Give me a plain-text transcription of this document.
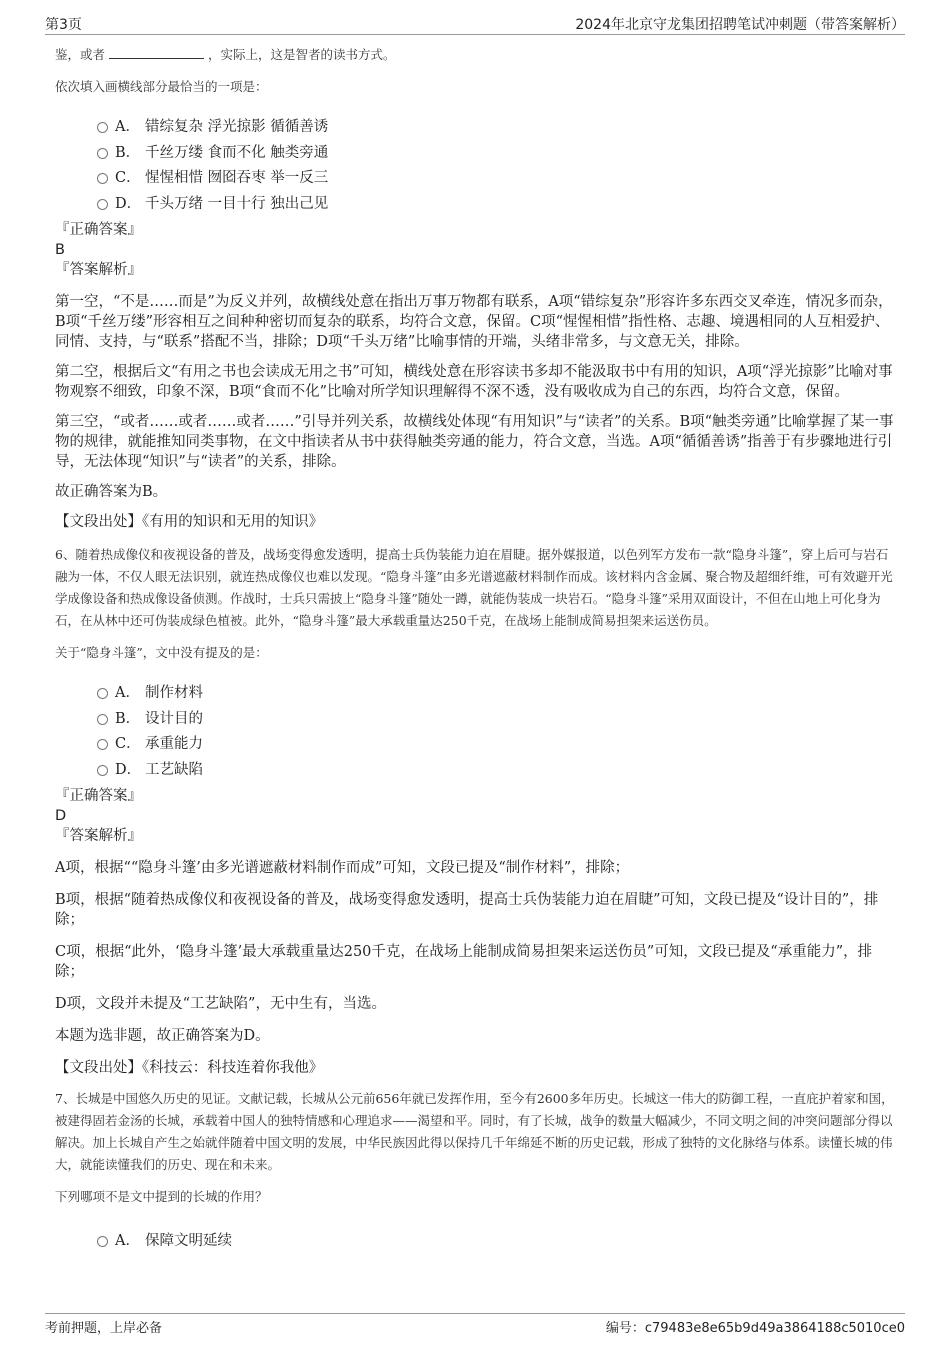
第3页	2024年北京守龙集团招聘笔试冲刺题（带答案解析）

鉴，或者	，实际上，这是智者的读书方式。

依次填入画横线部分最恰当的一项是：

A． 错综复杂 浮光掠影 循循善诱
B． 千丝万缕 食而不化 触类旁通
C． 惺惺相惜 囫囵吞枣 举一反三
D． 千头万绪 一目十行 独出己见

『正确答案』

B

『答案解析』

第一空，“不是……而是”为反义并列，故横线处意在指出万事万物都有联系，A项“错综复杂”形容许多东西交叉牵连，情况多而杂，B项“千丝万缕”形容相互之间种种密切而复杂的联系，均符合文意，保留。C项“惺惺相惜”指性格、志趣、境遇相同的人互相爱护、同情、支持，与“联系”搭配不当，排除；D项“千头万绪”比喻事情的开端，头绪非常多，与文意无关，排除。

第二空，根据后文“有用之书也会读成无用之书”可知，横线处意在形容读书多却不能汲取书中有用的知识，A项“浮光掠影”比喻对事物观察不细致，印象不深，B项“食而不化”比喻对所学知识理解得不深不透，没有吸收成为自己的东西，均符合文意，保留。

第三空，“或者……或者……或者……”引导并列关系，故横线处体现“有用知识”与“读者”的关系。B项“触类旁通”比喻掌握了某一事物的规律，就能推知同类事物，在文中指读者从书中获得触类旁通的能力，符合文意，当选。A项“循循善诱”指善于有步骤地进行引导，无法体现“知识”与“读者”的关系，排除。

故正确答案为B。

【文段出处】《有用的知识和无用的知识》

6、随着热成像仪和夜视设备的普及，战场变得愈发透明，提高士兵伪装能力迫在眉睫。据外媒报道，以色列军方发布一款“隐身斗篷”，穿上后可与岩石融为一体，不仅人眼无法识别，就连热成像仪也难以发现。“隐身斗篷”由多光谱遮蔽材料制作而成。该材料内含金属、聚合物及超细纤维，可有效避开光学成像设备和热成像设备侦测。作战时，士兵只需披上“隐身斗篷”随处一蹲，就能伪装成一块岩石。“隐身斗篷”采用双面设计，不但在山地上可化身为石，在从林中还可伪装成绿色植被。此外，“隐身斗篷”最大承载重量达250千克，在战场上能制成简易担架来运送伤员。

关于“隐身斗篷”，文中没有提及的是：

A． 制作材料
B． 设计目的
C． 承重能力
D． 工艺缺陷

『正确答案』

D

『答案解析』

A项，根据““隐身斗篷’由多光谱遮蔽材料制作而成”可知，文段已提及“制作材料”，排除；

B项，根据“随着热成像仪和夜视设备的普及，战场变得愈发透明，提高士兵伪装能力迫在眉睫”可知，文段已提及“设计目的”，排除；

C项，根据“此外，‘隐身斗篷’最大承载重量达250千克，在战场上能制成简易担架来运送伤员”可知，文段已提及“承重能力”，排除；

D项，文段并未提及“工艺缺陷”，无中生有，当选。

本题为选非题，故正确答案为D。

【文段出处】《科技云：科技连着你我他》

7、长城是中国悠久历史的见证。文献记载，长城从公元前656年就已发挥作用，至今有2600多年历史。长城这一伟大的防御工程，一直庇护着家和国，被建得固若金汤的长城，承载着中国人的独特情感和心理追求——渴望和平。同时，有了长城，战争的数量大幅减少，不同文明之间的冲突问题部分得以解决。加上长城自产生之始就伴随着中国文明的发展，中华民族因此得以保持几千年绵延不断的历史记载，形成了独特的文化脉络与体系。读懂长城的伟大，就能读懂我们的历史、现在和未来。

下列哪项不是文中提到的长城的作用？

A． 保障文明延续
考前押题，上岸必备	编号：c79483e8e65b9d49a3864188c5010ce0
